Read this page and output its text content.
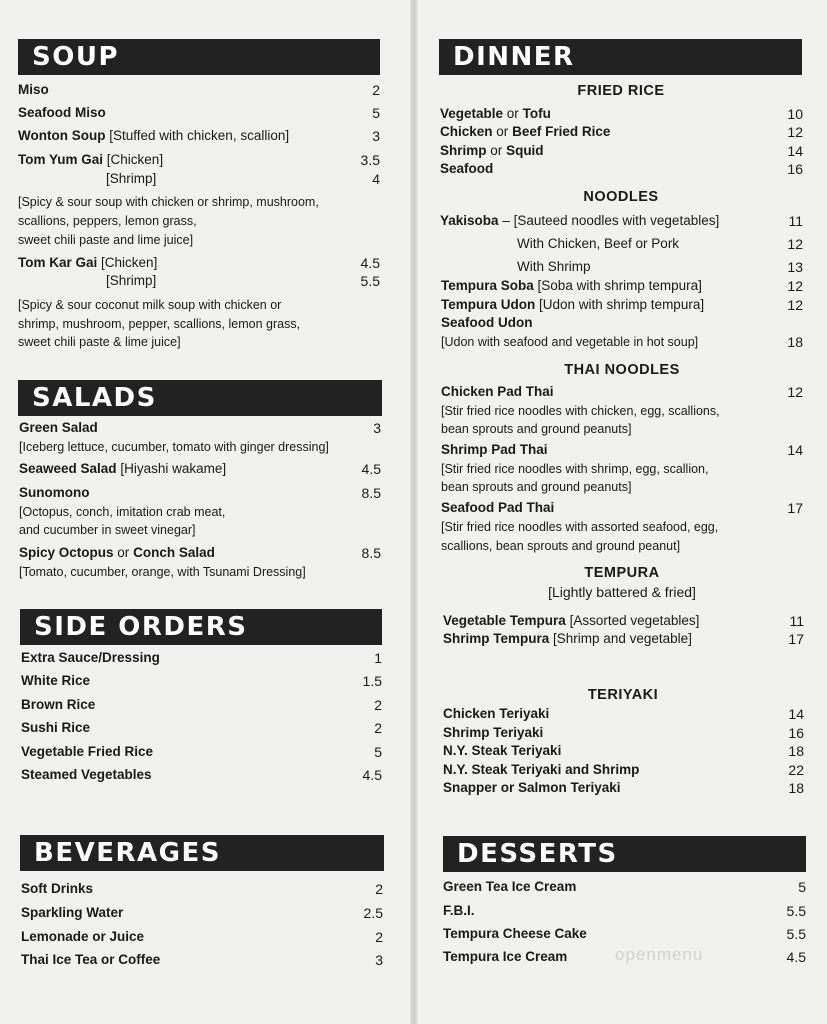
SOUP
Miso	2
Seafood Miso	5
Wonton Soup [Stuffed with chicken, scallion]	3
Tom Yum Gai [Chicken]	3.5
[Shrimp]	4
[Spicy & sour soup with chicken or shrimp, mushroom,
scallions, peppers, lemon grass,
sweet chili paste and lime juice]
Tom Kar Gai [Chicken]	4.5
[Shrimp]	5.5
[Spicy & sour coconut milk soup with chicken or
shrimp, mushroom, pepper, scallions, lemon grass,
sweet chili paste & lime juice]
SALADS
Green Salad	3
[Iceberg lettuce, cucumber, tomato with ginger dressing]
Seaweed Salad [Hiyashi wakame]	4.5
Sunomono	8.5
[Octopus, conch, imitation crab meat,
and cucumber in sweet vinegar]
Spicy Octopus or Conch Salad	8.5
[Tomato, cucumber, orange, with Tsunami Dressing]
SIDE ORDERS
Extra Sauce/Dressing	1
White Rice	1.5
Brown Rice	2
Sushi Rice	2
Vegetable Fried Rice	5
Steamed Vegetables	4.5
BEVERAGES
Soft Drinks	2
Sparkling Water	2.5
Lemonade or Juice	2
Thai Ice Tea or Coffee	3
DINNER
FRIED RICE
Vegetable or Tofu	10
Chicken or Beef Fried Rice	12
Shrimp or Squid	14
Seafood	16
NOODLES
Yakisoba – [Sauteed noodles with vegetables]	11
With Chicken, Beef or Pork	12
With Shrimp	13
Tempura Soba [Soba with shrimp tempura]	12
Tempura Udon [Udon with shrimp tempura]	12
Seafood Udon
[Udon with seafood and vegetable in hot soup]	18
THAI NOODLES
Chicken Pad Thai	12
[Stir fried rice noodles with chicken, egg, scallions,
bean sprouts and ground peanuts]
Shrimp Pad Thai	14
[Stir fried rice noodles with shrimp, egg, scallion,
bean sprouts and ground peanuts]
Seafood Pad Thai	17
[Stir fried rice noodles with assorted seafood, egg,
scallions, bean sprouts and ground peanut]
TEMPURA
[Lightly battered & fried]
Vegetable Tempura [Assorted vegetables]	11
Shrimp Tempura [Shrimp and vegetable]	17
TERIYAKI
Chicken Teriyaki	14
Shrimp Teriyaki	16
N.Y. Steak Teriyaki	18
N.Y. Steak Teriyaki and Shrimp	22
Snapper or Salmon Teriyaki	18
DESSERTS
Green Tea Ice Cream	5
F.B.I.	5.5
Tempura Cheese Cake	5.5
Tempura Ice Cream	4.5
openmenu
